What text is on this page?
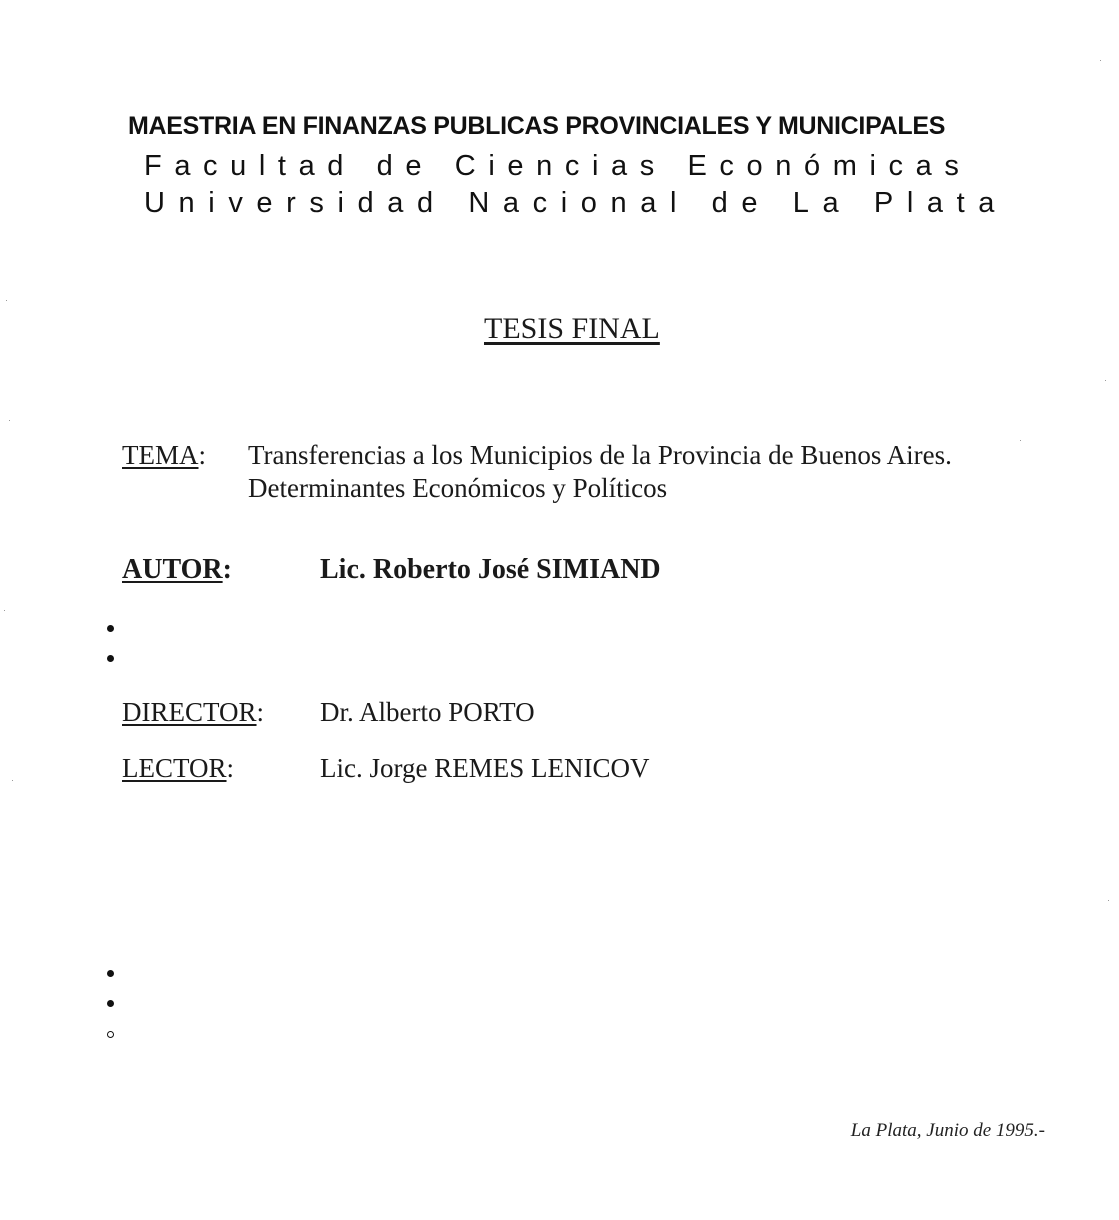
MAESTRIA EN FINANZAS PUBLICAS PROVINCIALES Y MUNICIPALES
Facultad de Ciencias Económicas
Universidad Nacional de La Plata
TESIS FINAL
TEMA: Transferencias a los Municipios de la Provincia de Buenos Aires.
Determinantes Económicos y Políticos
AUTOR:	Lic. Roberto José SIMIAND
DIRECTOR: Dr. Alberto PORTO
LECTOR:	Lic. Jorge REMES LENICOV
La Plata, Junio de 1995.-
